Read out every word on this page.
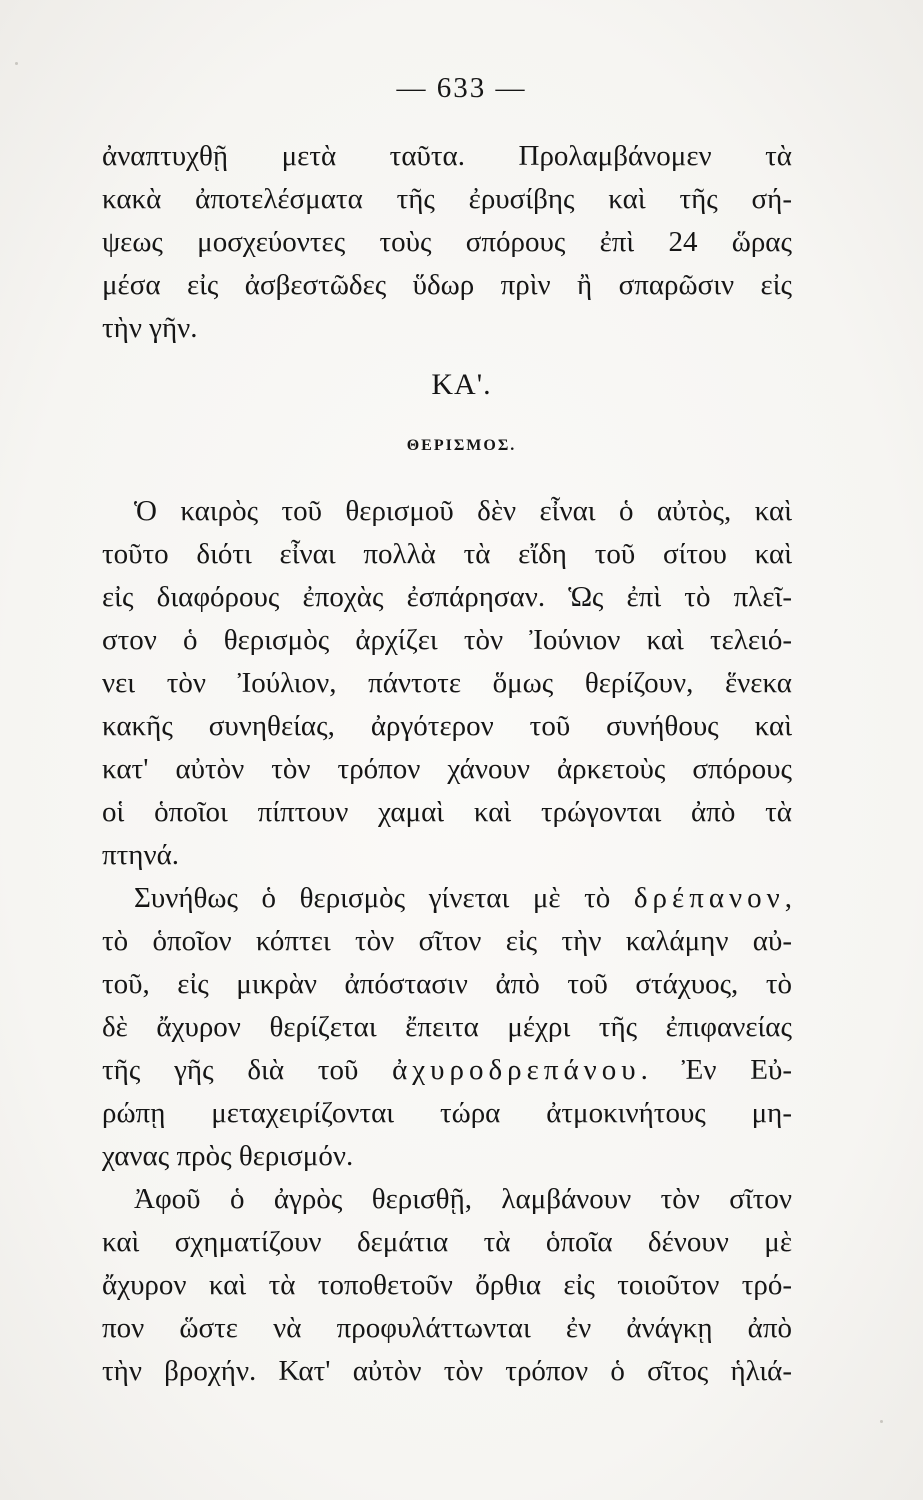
— 633 —
ἀναπτυχθῇ μετὰ ταῦτα. Προλαμβάνομεν τὰ
κακὰ ἀποτελέσματα τῆς ἐρυσίβης καὶ τῆς σή-
ψεως μοσχεύοντες τοὺς σπόρους ἐπὶ 24 ὥρας
μέσα εἰς ἀσβεστῶδες ὕδωρ πρὶν ἢ σπαρῶσιν εἰς
τὴν γῆν.
ΚΑ'.
ΘΕΡΙΣΜΟΣ.
Ὁ καιρὸς τοῦ θερισμοῦ δὲν εἶναι ὁ αὐτὸς, καὶ
τοῦτο διότι εἶναι πολλὰ τὰ εἴδη τοῦ σίτου καὶ
εἰς διαφόρους ἐποχὰς ἐσπάρησαν. Ὡς ἐπὶ τὸ πλεῖ-
στον ὁ θερισμὸς ἀρχίζει τὸν Ἰούνιον καὶ τελειό-
νει τὸν Ἰούλιον, πάντοτε ὅμως θερίζουν, ἕνεκα
κακῆς συνηθείας, ἀργότερον τοῦ συνήθους καὶ
κατ' αὐτὸν τὸν τρόπον χάνουν ἀρκετοὺς σπόρους
οἱ ὁποῖοι πίπτουν χαμαὶ καὶ τρώγονται ἀπὸ τὰ
πτηνά.
Συνήθως ὁ θερισμὸς γίνεται μὲ τὸ δρέπανον,
τὸ ὁποῖον κόπτει τὸν σῖτον εἰς τὴν καλάμην αὐ-
τοῦ, εἰς μικρὰν ἀπόστασιν ἀπὸ τοῦ στάχυος, τὸ
δὲ ἄχυρον θερίζεται ἔπειτα μέχρι τῆς ἐπιφανείας
τῆς γῆς διὰ τοῦ ἀχυροδρεπάνου. Ἐν Εὐ-
ρώπῃ μεταχειρίζονται τώρα ἀτμοκινήτους μη-
χανας πρὸς θερισμόν.
Ἀφοῦ ὁ ἀγρὸς θερισθῇ, λαμβάνουν τὸν σῖτον
καὶ σχηματίζουν δεμάτια τὰ ὁποῖα δένουν μὲ
ἄχυρον καὶ τὰ τοποθετοῦν ὄρθια εἰς τοιοῦτον τρό-
πον ὥστε νὰ προφυλάττωνται ἐν ἀνάγκῃ ἀπὸ
τὴν βροχήν. Κατ' αὐτὸν τὸν τρόπον ὁ σῖτος ἡλιά-
